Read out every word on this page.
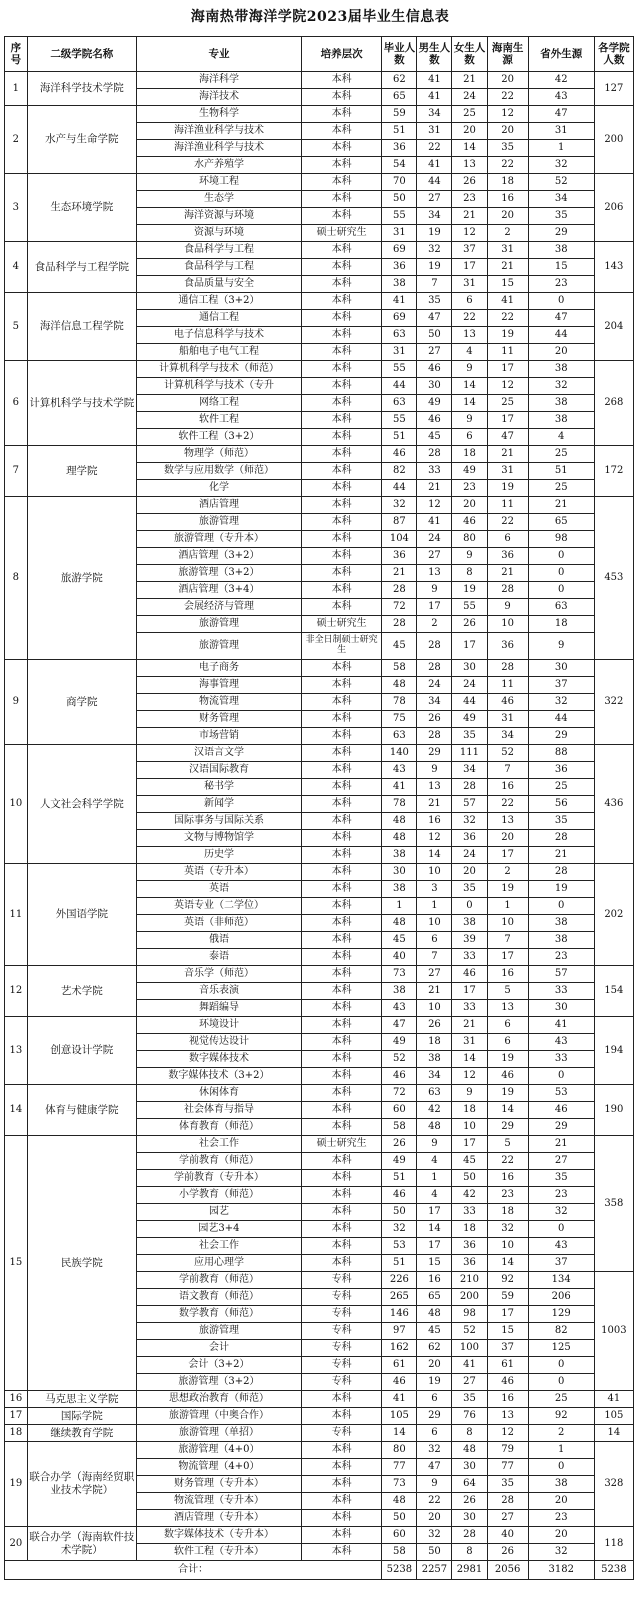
海南热带海洋学院2023届毕业生信息表
序号	二级学院名称	专业	培养层次	毕业人数	男生人数	女生人数	海南生源	省外生源	各学院人数
1	海洋科学技术学院	海洋科学	本科	62	41	21	20	42	127
		海洋技术	本科	65	41	24	22	43	
2	水产与生命学院	生物科学	本科	59	34	25	12	47	200
		海洋渔业科学与技术	本科	51	31	20	20	31	
		海洋渔业科学与技术	本科	36	22	14	35	1	
		水产养殖学	本科	54	41	13	22	32	
3	生态环境学院	环境工程	本科	70	44	26	18	52	206
		生态学	本科	50	27	23	16	34	
		海洋资源与环境	本科	55	34	21	20	35	
		资源与环境	硕士研究生	31	19	12	2	29	
4	食品科学与工程学院	食品科学与工程	本科	69	32	37	31	38	143
		食品科学与工程	本科	36	19	17	21	15	
		食品质量与安全	本科	38	7	31	15	23	
5	海洋信息工程学院	通信工程（3+2）	本科	41	35	6	41	0	204
		通信工程	本科	69	47	22	22	47	
		电子信息科学与技术	本科	63	50	13	19	44	
		船舶电子电气工程	本科	31	27	4	11	20	
6	计算机科学与技术学院	计算机科学与技术（师范）	本科	55	46	9	17	38	268
		计算机科学与技术（专升	本科	44	30	14	12	32	
		网络工程	本科	63	49	14	25	38	
		软件工程	本科	55	46	9	17	38	
		软件工程（3+2）	本科	51	45	6	47	4	
7	理学院	物理学（师范）	本科	46	28	18	21	25	172
		数学与应用数学（师范）	本科	82	33	49	31	51	
		化学	本科	44	21	23	19	25	
8	旅游学院	酒店管理	本科	32	12	20	11	21	453
		旅游管理	本科	87	41	46	22	65	
		旅游管理（专升本）	本科	104	24	80	6	98	
		酒店管理（3+2）	本科	36	27	9	36	0	
		旅游管理（3+2）	本科	21	13	8	21	0	
		酒店管理（3+4）	本科	28	9	19	28	0	
		会展经济与管理	本科	72	17	55	9	63	
		旅游管理	硕士研究生	28	2	26	10	18	
		旅游管理	非全日制硕士研究生	45	28	17	36	9	
9	商学院	电子商务	本科	58	28	30	28	30	322
		海事管理	本科	48	24	24	11	37	
		物流管理	本科	78	34	44	46	32	
		财务管理	本科	75	26	49	31	44	
		市场营销	本科	63	28	35	34	29	
10	人文社会科学学院	汉语言文学	本科	140	29	111	52	88	436
		汉语国际教育	本科	43	9	34	7	36	
		秘书学	本科	41	13	28	16	25	
		新闻学	本科	78	21	57	22	56	
		国际事务与国际关系	本科	48	16	32	13	35	
		文物与博物馆学	本科	48	12	36	20	28	
		历史学	本科	38	14	24	17	21	
11	外国语学院	英语（专升本）	本科	30	10	20	2	28	202
		英语	本科	38	3	35	19	19	
		英语专业（二学位）	本科	1	1	0	1	0	
		英语（非师范）	本科	48	10	38	10	38	
		俄语	本科	45	6	39	7	38	
		泰语	本科	40	7	33	17	23	
12	艺术学院	音乐学（师范）	本科	73	27	46	16	57	154
		音乐表演	本科	38	21	17	5	33	
		舞蹈编导	本科	43	10	33	13	30	
13	创意设计学院	环境设计	本科	47	26	21	6	41	194
		视觉传达设计	本科	49	18	31	6	43	
		数字媒体技术	本科	52	38	14	19	33	
		数字媒体技术（3+2）	本科	46	34	12	46	0	
14	体育与健康学院	休闲体育	本科	72	63	9	19	53	190
		社会体育与指导	本科	60	42	18	14	46	
		体育教育（师范）	本科	58	48	10	29	29	
15	民族学院	社会工作	硕士研究生	26	9	17	5	21	358
		学前教育（师范）	本科	49	4	45	22	27	
		学前教育（专升本）	本科	51	1	50	16	35	
		小学教育（师范）	本科	46	4	42	23	23	
		园艺	本科	50	17	33	18	32	
		园艺3+4	本科	32	14	18	32	0	
		社会工作	本科	53	17	36	10	43	
		应用心理学	本科	51	15	36	14	37	
		学前教育（师范）	专科	226	16	210	92	134	1003
		语文教育（师范）	专科	265	65	200	59	206	
		数学教育（师范）	专科	146	48	98	17	129	
		旅游管理	专科	97	45	52	15	82	
		会计	专科	162	62	100	37	125	
		会计（3+2）	专科	61	20	41	61	0	
		旅游管理（3+2）	专科	46	19	27	46	0	
16	马克思主义学院	思想政治教育（师范）	本科	41	6	35	16	25	41
17	国际学院	旅游管理（中奥合作）	本科	105	29	76	13	92	105
18	继续教育学院	旅游管理（单招）	专科	14	6	8	12	2	14
19	联合办学（海南经贸职业技术学院）	旅游管理（4+0）	本科	80	32	48	79	1	328
		物流管理（4+0）	本科	77	47	30	77	0	
		财务管理（专升本）	本科	73	9	64	35	38	
		物流管理（专升本）	本科	48	22	26	28	20	
		酒店管理（专升本）	本科	50	20	30	27	23	
20	联合办学（海南软件技术学院）	数字媒体技术（专升本）	本科	60	32	28	40	20	118
		软件工程（专升本）	本科	58	50	8	26	32	
合计：				5238	2257	2981	2056	3182	5238
